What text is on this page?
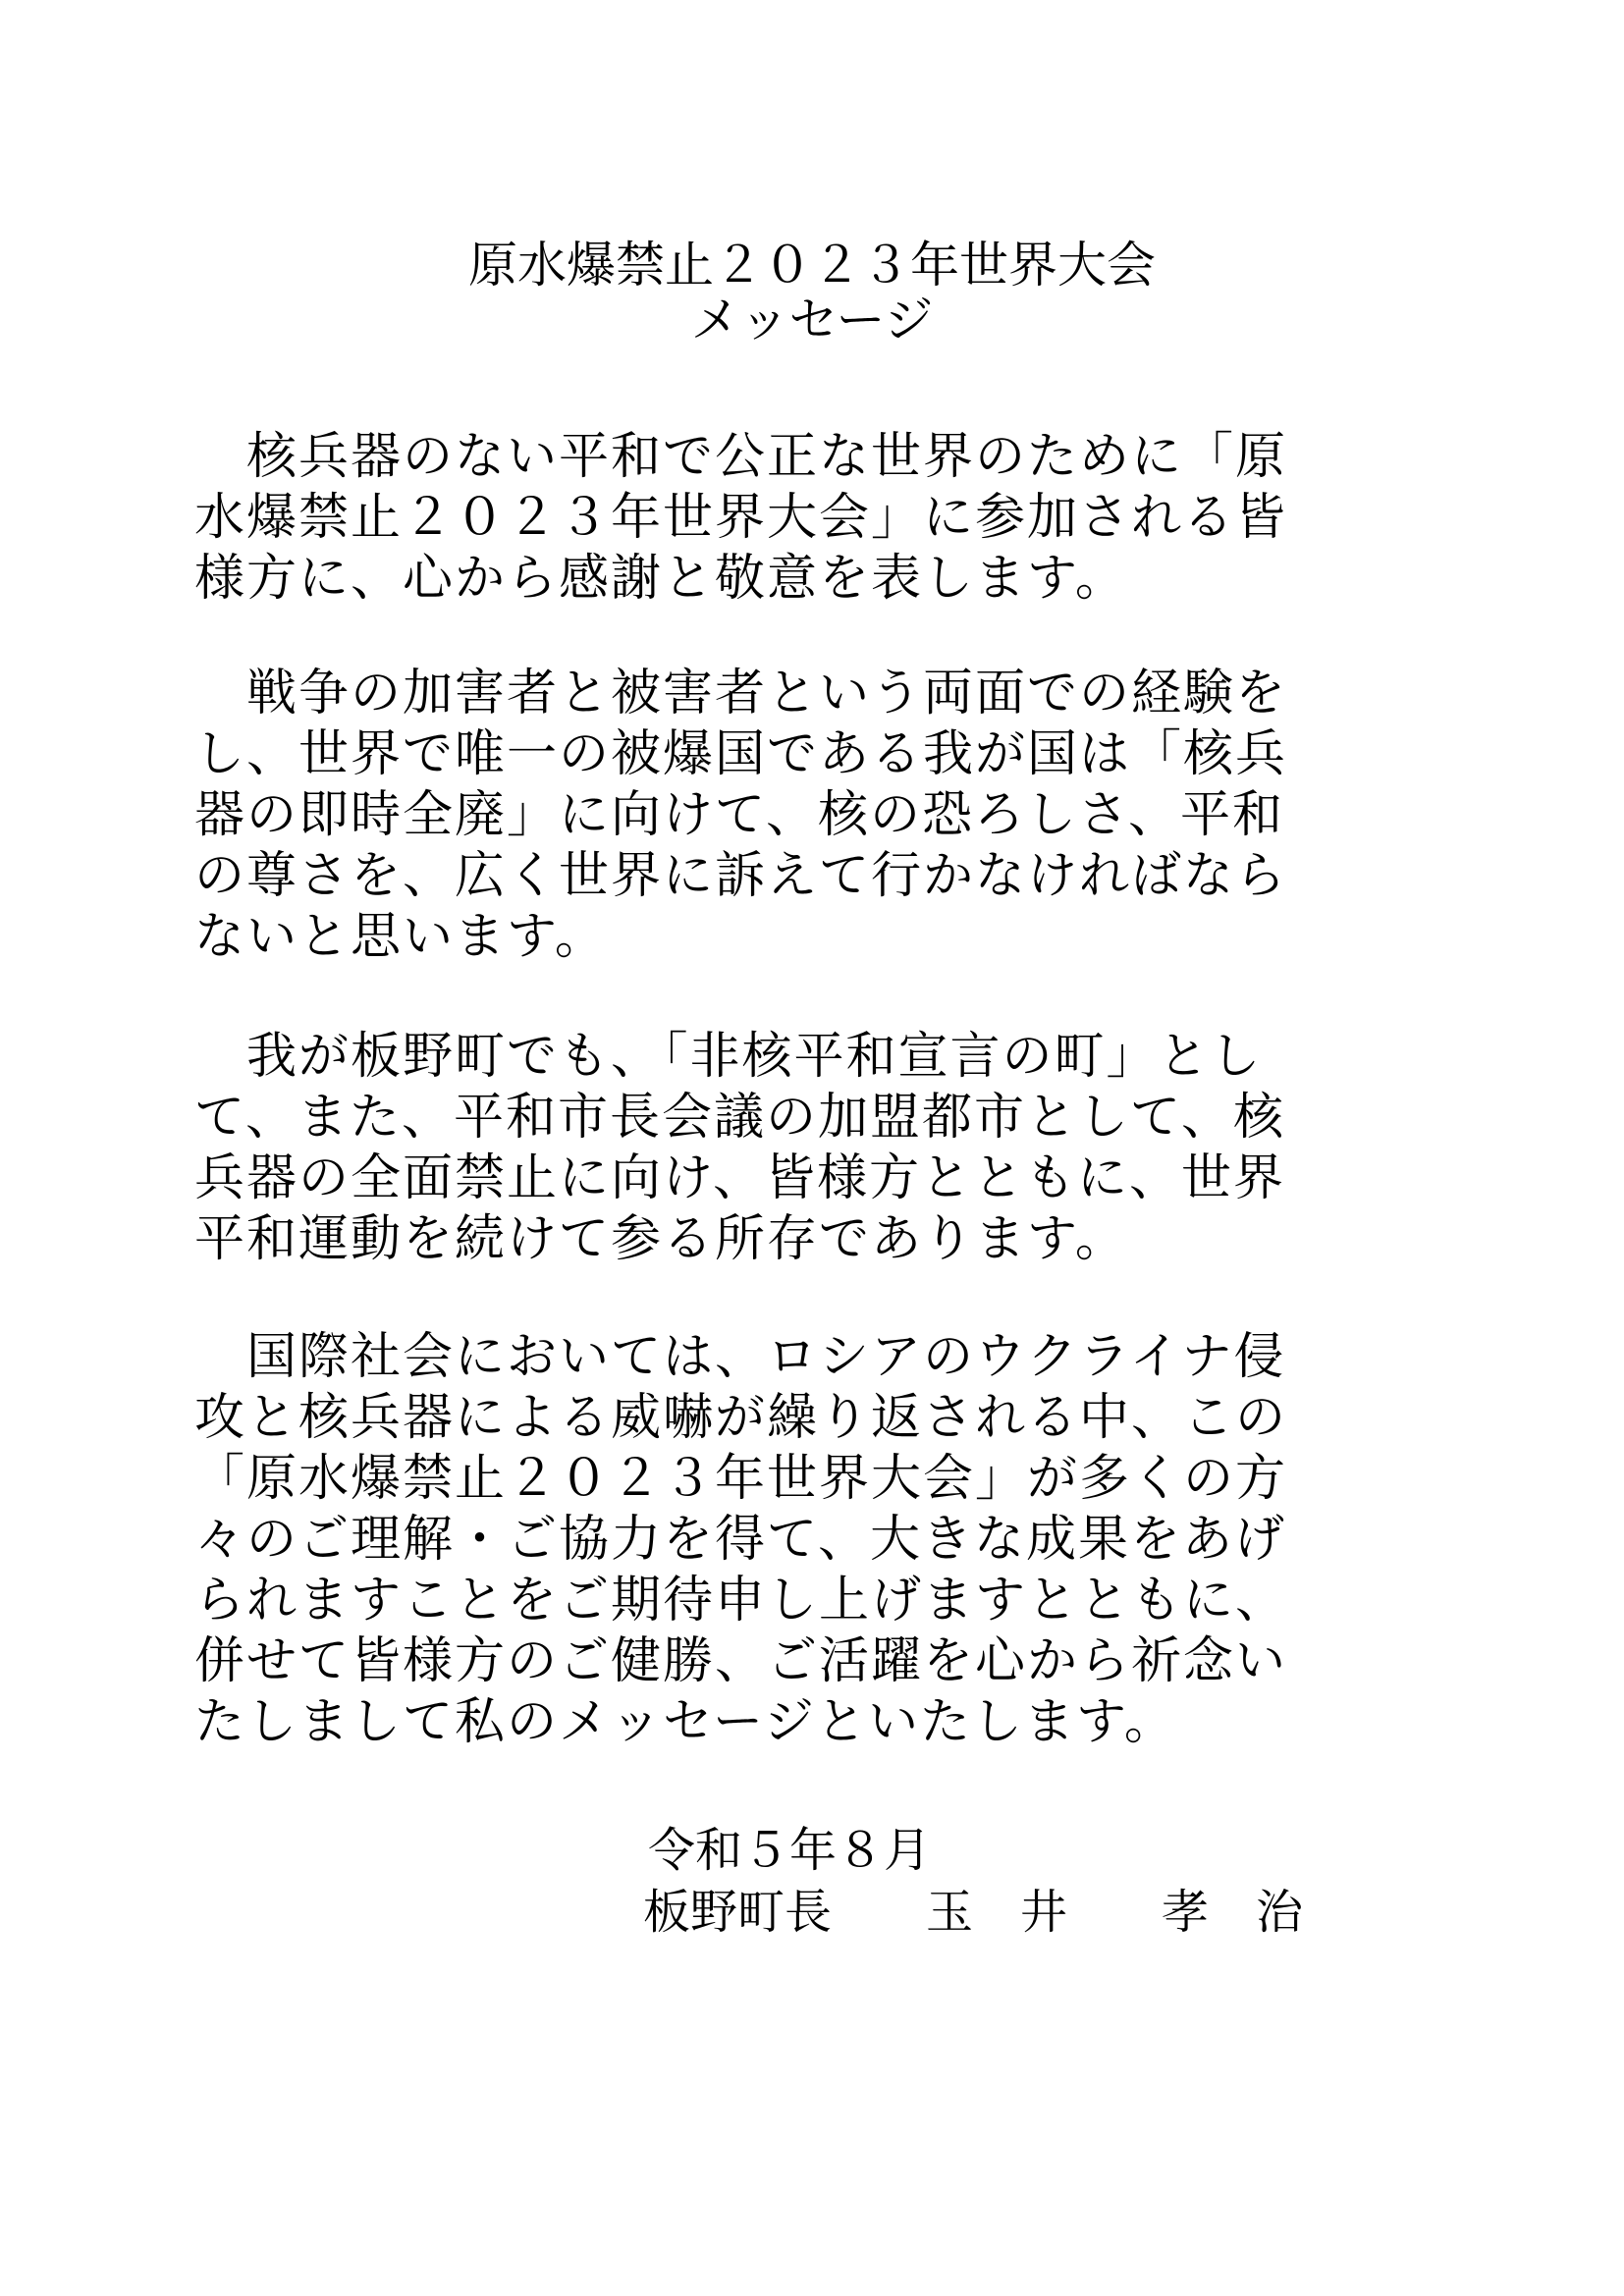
原水爆禁止２０２３年世界大会
メッセージ
　核兵器のない平和で公正な世界のために「原
水爆禁止２０２３年世界大会」に参加される皆
様方に、心から感謝と敬意を表します。
　戦争の加害者と被害者という両面での経験を
し、世界で唯一の被爆国である我が国は「核兵
器の即時全廃」に向けて、核の恐ろしさ、平和
の尊さを、広く世界に訴えて行かなければなら
ないと思います。
　我が板野町でも、「非核平和宣言の町」とし
て、また、平和市長会議の加盟都市として、核
兵器の全面禁止に向け、皆様方とともに、世界
平和運動を続けて参る所存であります。
　国際社会においては、ロシアのウクライナ侵
攻と核兵器による威嚇が繰り返される中、この
「原水爆禁止２０２３年世界大会」が多くの方
々のご理解・ご協力を得て、大きな成果をあげ
られますことをご期待申し上げますとともに、
併せて皆様方のご健勝、ご活躍を心から祈念い
たしまして私のメッセージといたします。
令和５年８月
板野町長　　玉　井　　孝　治
